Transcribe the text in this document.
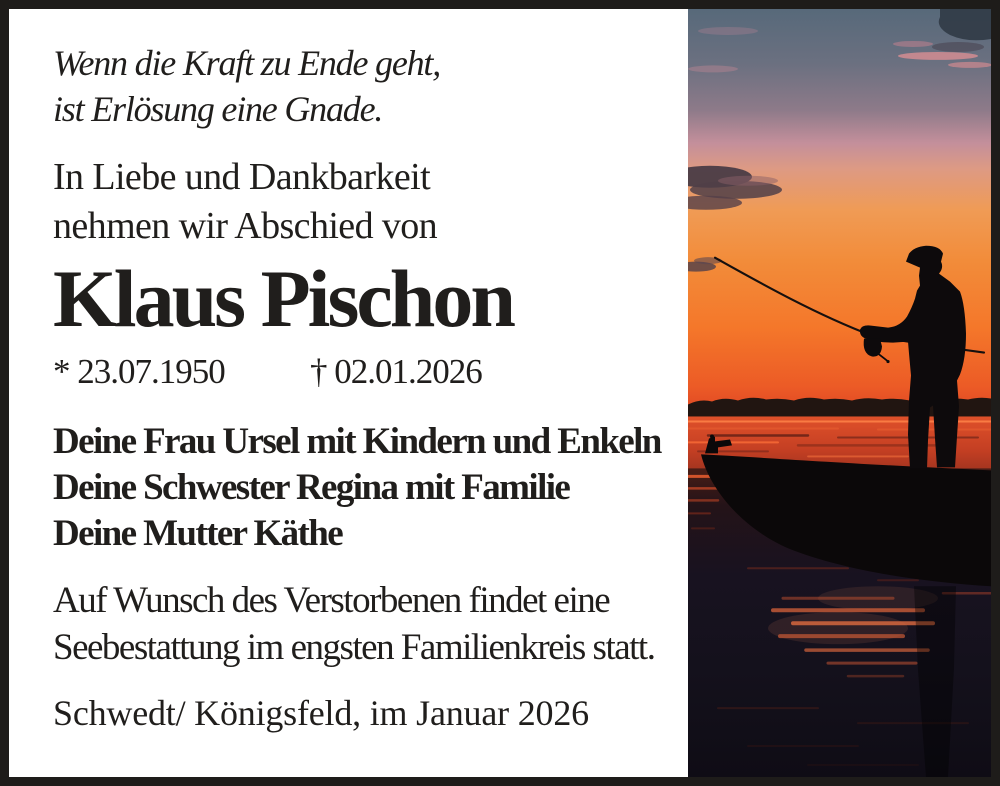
Wenn die Kraft zu Ende geht,
ist Erlösung eine Gnade.
In Liebe und Dankbarkeit
nehmen wir Abschied von
Klaus Pischon
* 23.07.1950 † 02.01.2026
Deine Frau Ursel mit Kindern und Enkeln
Deine Schwester Regina mit Familie
Deine Mutter Käthe
Auf Wunsch des Verstorbenen findet eine
Seebestattung im engsten Familienkreis statt.
Schwedt/ Königsfeld, im Januar 2026
